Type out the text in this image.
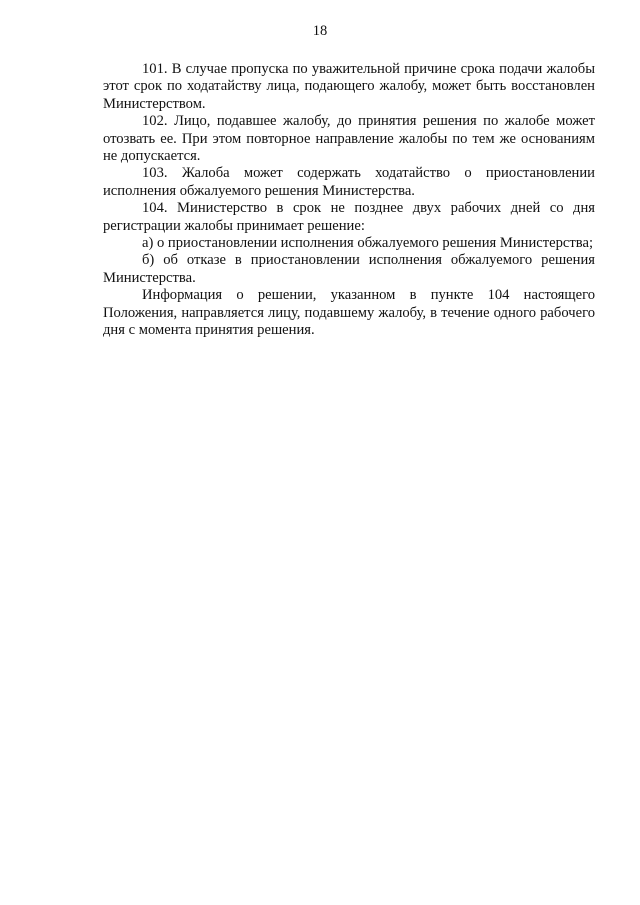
18

101. В случае пропуска по уважительной причине срока подачи жалобы этот срок по ходатайству лица, подающего жалобу, может быть восстановлен Министерством.

102. Лицо, подавшее жалобу, до принятия решения по жалобе может отозвать ее. При этом повторное направление жалобы по тем же основаниям не допускается.

103. Жалоба может содержать ходатайство о приостановлении исполнения обжалуемого решения Министерства.

104. Министерство в срок не позднее двух рабочих дней со дня регистрации жалобы принимает решение:

а) о приостановлении исполнения обжалуемого решения Министерства;

б) об отказе в приостановлении исполнения обжалуемого решения Министерства.

Информация о решении, указанном в пункте 104 настоящего Положения, направляется лицу, подавшему жалобу, в течение одного рабочего дня с момента принятия решения.
